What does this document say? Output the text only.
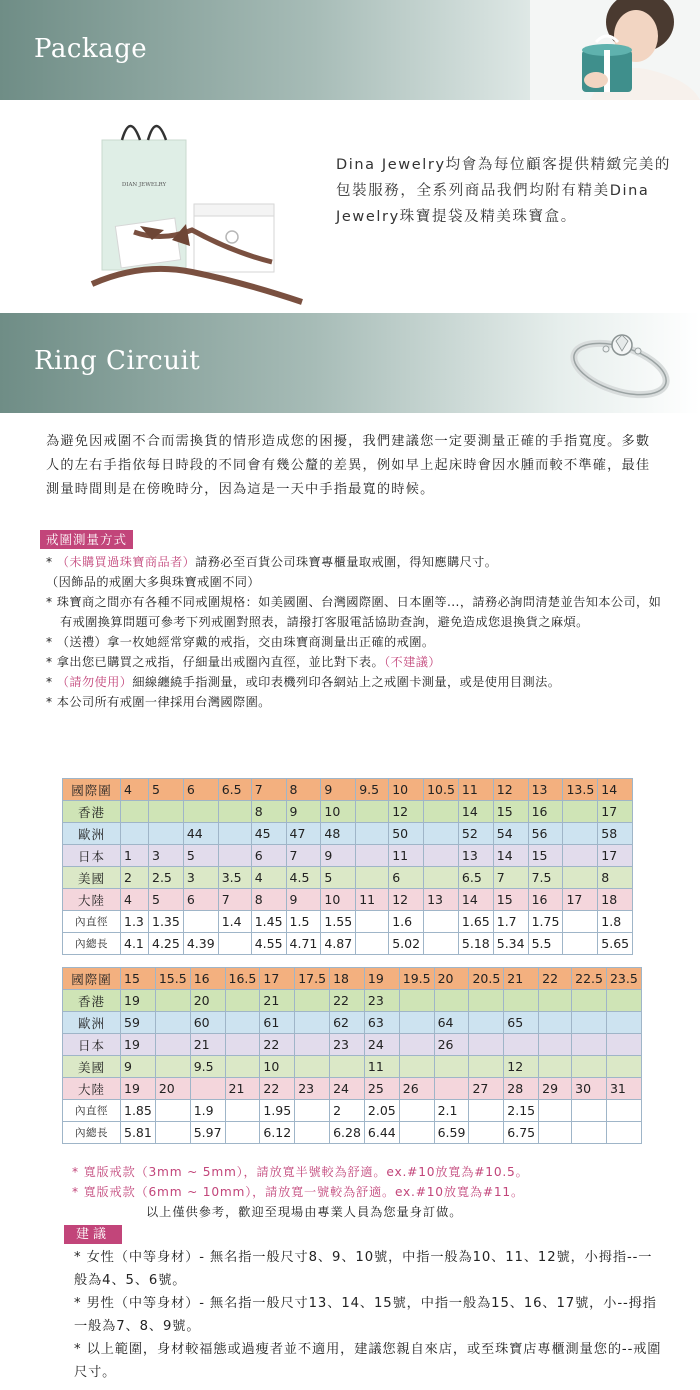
Package
DIAN JEWELRY
Dina Jewelry均會為每位顧客提供精緻完美的包裝服務，全系列商品我們均附有精美Dina Jewelry珠寶提袋及精美珠寶盒。
Ring Circuit
為避免因戒圍不合而需換貨的情形造成您的困擾，我們建議您一定要測量正確的手指寬度。多數人的左右手指依每日時段的不同會有幾公釐的差異，例如早上起床時會因水腫而較不準確，最佳測量時間則是在傍晚時分，因為這是一天中手指最寬的時候。
戒圍測量方式
* （未購買過珠寶商品者）請務必至百貨公司珠寶專櫃量取戒圍，得知應購尺寸。
（因飾品的戒圍大多與珠寶戒圍不同）
* 珠寶商之間亦有各種不同戒圍規格：如美國圍、台灣國際圍、日本圍等...，請務必詢問清楚並告知本公司，如有戒圍換算問題可參考下列戒圍對照表，請撥打客服電話協助查詢，避免造成您退換貨之麻煩。
* （送禮）拿一枚她經常穿戴的戒指，交由珠寶商測量出正確的戒圍。
* 拿出您已購買之戒指，仔細量出戒圈內直徑，並比對下表。（不建議）
* （請勿使用）細線纏繞手指測量，或印表機列印各網站上之戒圍卡測量，或是使用目測法。
* 本公司所有戒圍一律採用台灣國際圍。
國際圍	4	5	6	6.5	7	8	9	9.5	10	10.5	11	12	13	13.5	14
香港					8	9	10		12		14	15	16		17
歐洲			44		45	47	48		50		52	54	56		58
日本	1	3	5		6	7	9		11		13	14	15		17
美國	2	2.5	3	3.5	4	4.5	5		6		6.5	7	7.5		8
大陸	4	5	6	7	8	9	10	11	12	13	14	15	16	17	18
內直徑	1.3	1.35		1.4	1.45	1.5	1.55		1.6		1.65	1.7	1.75		1.8
內總長	4.1	4.25	4.39		4.55	4.71	4.87		5.02		5.18	5.34	5.5		5.65
國際圍	15	15.5	16	16.5	17	17.5	18	19	19.5	20	20.5	21	22	22.5	23.5
香港	19		20		21		22	23							
歐洲	59		60		61		62	63		64		65			
日本	19		21		22		23	24		26					
美國	9		9.5		10			11				12			
大陸	19	20		21	22	23	24	25	26		27	28	29	30	31
內直徑	1.85		1.9		1.95		2	2.05		2.1		2.15			
內總長	5.81		5.97		6.12		6.28	6.44		6.59		6.75			
* 寬版戒款（3mm ~ 5mm），請放寬半號較為舒適。ex.#10放寬為#10.5。
* 寬版戒款（6mm ~ 10mm），請放寬一號較為舒適。ex.#10放寬為#11。
以上僅供參考，歡迎至現場由專業人員為您量身訂做。
建議
* 女性（中等身材）- 無名指一般尺寸8、9、10號，中指一般為10、11、12號，小拇指--一般為4、5、6號。
* 男性（中等身材）- 無名指一般尺寸13、14、15號，中指一般為15、16、17號，小--拇指一般為7、8、9號。
* 以上範圍，身材較福態或過瘦者並不適用，建議您親自來店，或至珠寶店專櫃測量您的--戒圍尺寸。
